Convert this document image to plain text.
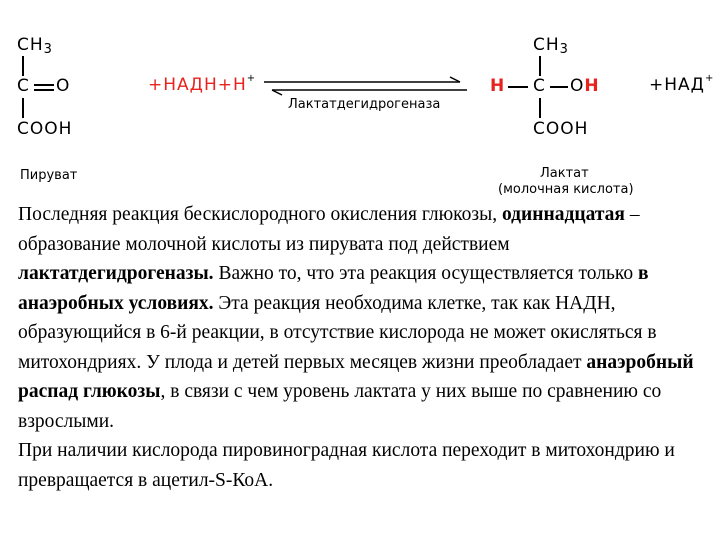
CH3
C O
COOH
Пируват
+НАДН+Н+
Лактатдегидрогеназа
CH3
H C OH
COOH
Лактат
(молочная кислота)
+НАД+

Последняя реакция бескислородного окисления глюкозы, одиннадцатая – образование молочной кислоты из пирувата под действием лактатдегидрогеназы. Важно то, что эта реакция осуществляется только в анаэробных условиях. Эта реакция необходима клетке, так как НАДН, образующийся в 6-й реакции, в отсутствие кислорода не может окисляться в митохондриях. У плода и детей первых месяцев жизни преобладает анаэробный распад глюкозы, в связи с чем уровень лактата у них выше по сравнению со взрослыми.

При наличии кислорода пировиноградная кислота переходит в митохондрию и превращается в ацетил-S-КоА.
